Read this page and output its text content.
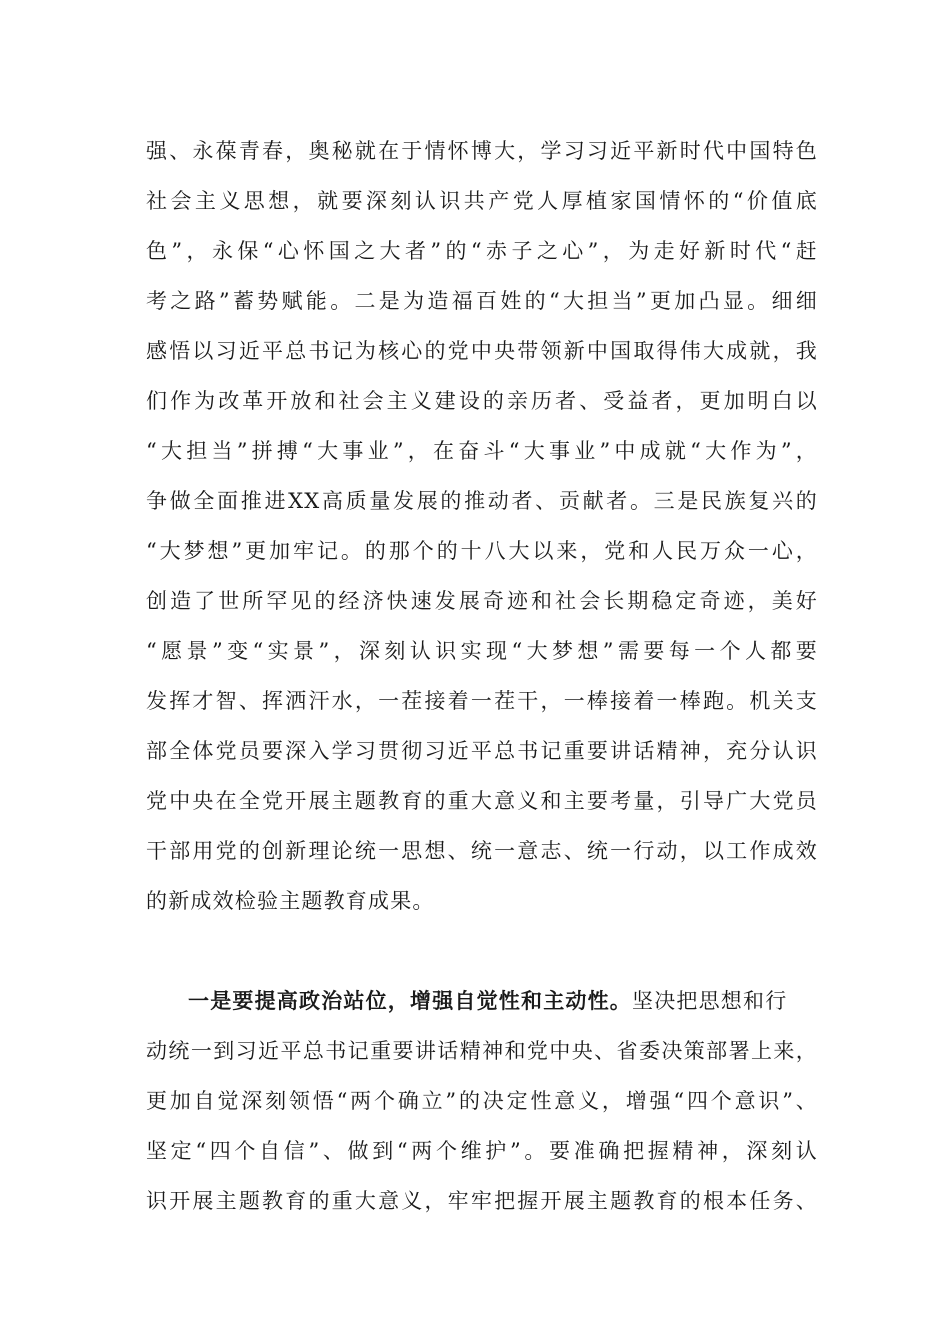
强、永葆青春，奥秘就在于情怀博大，学习习近平新时代中国特色
社会主义思想，就要深刻认识共产党人厚植家国情怀的“价值底
色”，永保“心怀国之大者”的“赤子之心”，为走好新时代“赶
考之路”蓄势赋能。二是为造福百姓的“大担当”更加凸显。细细
感悟以习近平总书记为核心的党中央带领新中国取得伟大成就，我
们作为改革开放和社会主义建设的亲历者、受益者，更加明白以
“大担当”拼搏“大事业”，在奋斗“大事业”中成就“大作为”，
争做全面推进XX高质量发展的推动者、贡献者。三是民族复兴的
“大梦想”更加牢记。的那个的十八大以来，党和人民万众一心，
创造了世所罕见的经济快速发展奇迹和社会长期稳定奇迹，美好
“愿景”变“实景”，深刻认识实现“大梦想”需要每一个人都要
发挥才智、挥洒汗水，一茬接着一茬干，一棒接着一棒跑。机关支
部全体党员要深入学习贯彻习近平总书记重要讲话精神，充分认识
党中央在全党开展主题教育的重大意义和主要考量，引导广大党员
干部用党的创新理论统一思想、统一意志、统一行动，以工作成效
的新成效检验主题教育成果。
一是要提高政治站位，增强自觉性和主动性。坚决把思想和行
动统一到习近平总书记重要讲话精神和党中央、省委决策部署上来，
更加自觉深刻领悟“两个确立”的决定性意义，增强“四个意识”、
坚定“四个自信”、做到“两个维护”。要准确把握精神，深刻认
识开展主题教育的重大意义，牢牢把握开展主题教育的根本任务、
